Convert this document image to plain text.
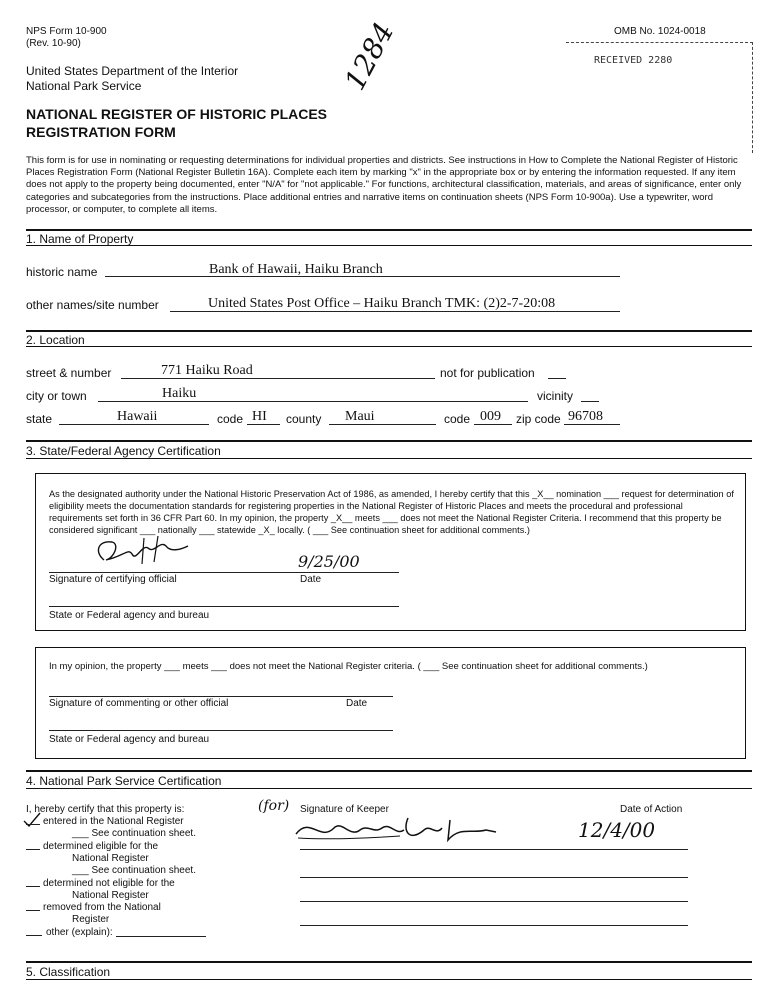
NPS Form 10-900
(Rev. 10-90)
OMB No. 1024-0018
United States Department of the Interior
National Park Service
NATIONAL REGISTER OF HISTORIC PLACES
REGISTRATION FORM
1284	RECEIVED 2280
This form is for use in nominating or requesting determinations for individual properties and districts. See instructions in How to Complete the National Register of Historic Places Registration Form (National Register Bulletin 16A). Complete each item by marking "x" in the appropriate box or by entering the information requested. If any item does not apply to the property being documented, enter "N/A" for "not applicable." For functions, architectural classification, materials, and areas of significance, enter only categories and subcategories from the instructions. Place additional entries and narrative items on continuation sheets (NPS Form 10-900a). Use a typewriter, word processor, or computer, to complete all items.
1. Name of Property
historic name	Bank of Hawaii, Haiku Branch
other names/site number	United States Post Office – Haiku Branch TMK: (2)2-7-20:08
2. Location
street & number	771 Haiku Road	not for publication
city or town	Haiku	vicinity
state	Hawaii	code HI county Maui	code 009 zip code 96708
3. State/Federal Agency Certification
As the designated authority under the National Historic Preservation Act of 1986, as amended, I hereby certify that this _X__ nomination ___ request for determination of eligibility meets the documentation standards for registering properties in the National Register of Historic Places and meets the procedural and professional requirements set forth in 36 CFR Part 60. In my opinion, the property _X__ meets ___ does not meet the National Register Criteria. I recommend that this property be considered significant ___ nationally ___ statewide _X_ locally. ( ___ See continuation sheet for additional comments.)
9/25/00
Signature of certifying official	Date
State or Federal agency and bureau
In my opinion, the property ___ meets ___ does not meet the National Register criteria. ( ___ See continuation sheet for additional comments.)
Signature of commenting or other official	Date
State or Federal agency and bureau
4. National Park Service Certification
I, hereby certify that this property is:
entered in the National Register
___ See continuation sheet.
determined eligible for the
National Register
___ See continuation sheet.
determined not eligible for the
National Register
removed from the National
Register
other (explain):
(for) Signature of Keeper	Date of Action
12/4/00
5. Classification
